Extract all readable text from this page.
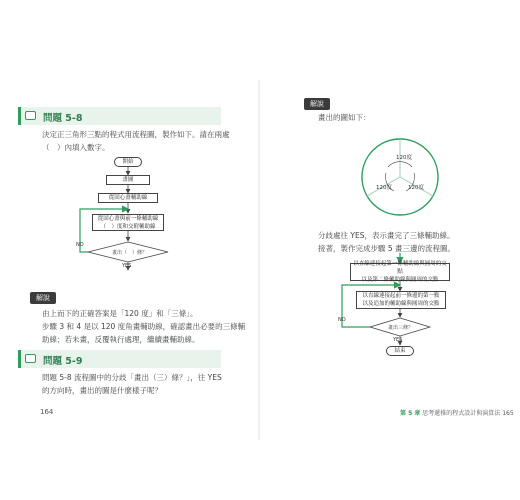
問題 5-8
決定正三角形三點的程式用流程圖，製作如下。請在兩處
（　）內填入數字。
開始
畫圖
從固心畫輔助線
從固心畫與前一條輔助線
（　）度和交附輔助線
畫出（　）條？
NO
YES
解說
由上而下的正確答案是「120 度」和「三條」。
步驟 3 和 4 是以 120 度角畫輔助線，確認畫出必要的三條輔
助線；若未畫，反覆執行處理，繼續畫輔助線。
問題 5-9
問題 5-8 流程圖中的分歧「畫出（三）條？」，往 YES
的方向時，畫出的圖是什麼樣子呢？
164
解說
畫出的圖如下：
120度
120度	120度
分歧處往 YES，表示畫完了三條輔助線。
接著，製作完成步驟 5 畫三邊的流程圖。
以直線連接起第一條輔助線與圓周的交點
以及第二條輔助線與圓周的交點
以直線連接起前一條邊的第一點
以及追加的輔助線與圓周的交點
畫出三條？
NO
YES
結束
第 5 章 思考遞推的程式設計與演算法 165
